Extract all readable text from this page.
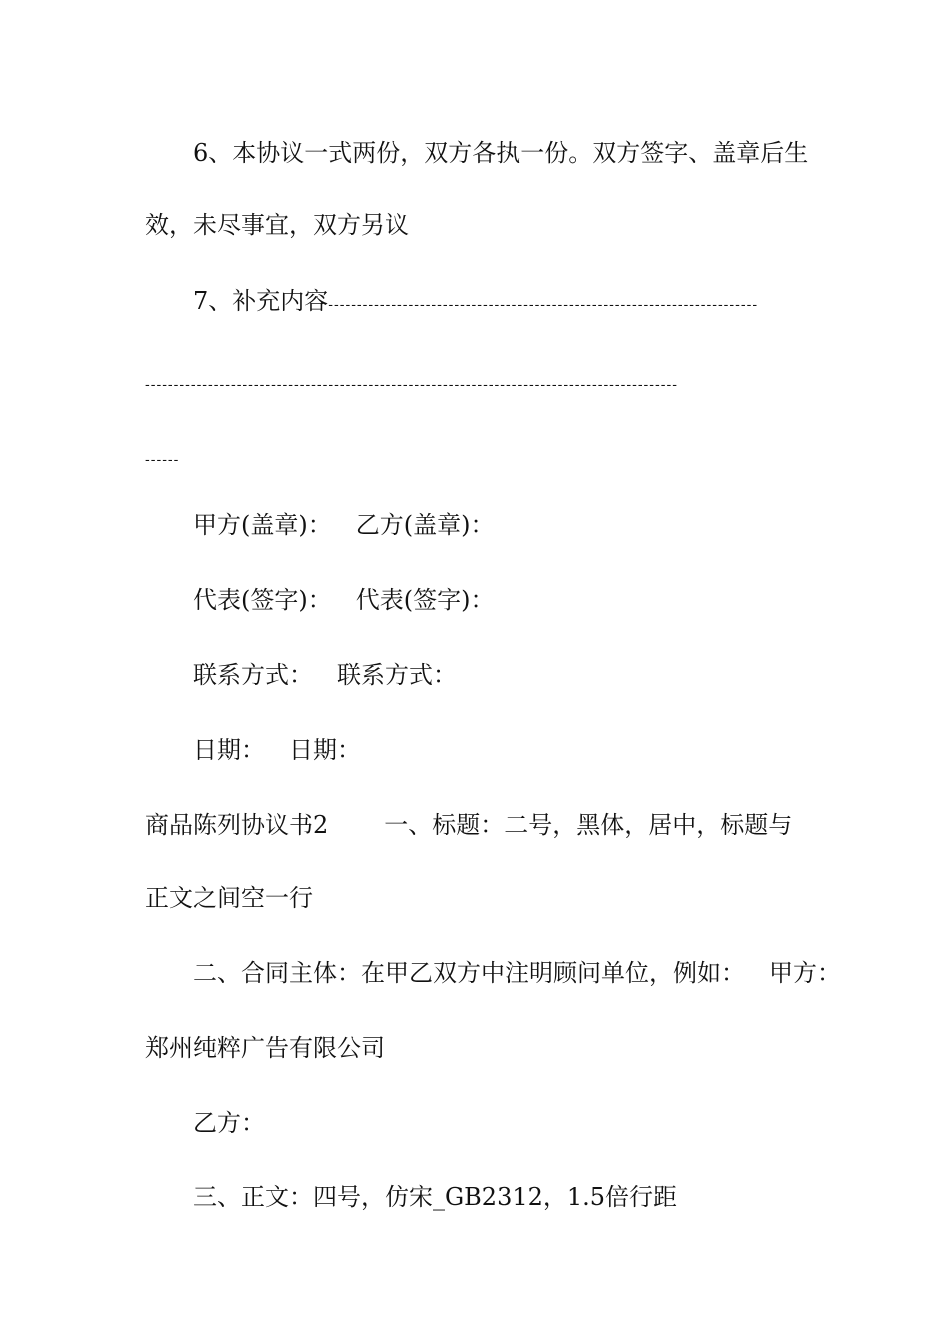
6、本协议一式两份，双方各执一份。双方签字、盖章后生
效，未尽事宜，双方另议
7、补充内容---------------------------------------------------------------------------
---------------------------------------------------------------------------------------------
------
甲方(盖章)： 乙方(盖章)：
代表(签字)： 代表(签字)：
联系方式： 联系方式：
日期： 日期：
商品陈列协议书2 一、标题：二号，黑体，居中，标题与
正文之间空一行
二、合同主体：在甲乙双方中注明顾问单位，例如： 甲方：
郑州纯粹广告有限公司
乙方：
三、正文：四号，仿宋_GB2312，1.5倍行距
